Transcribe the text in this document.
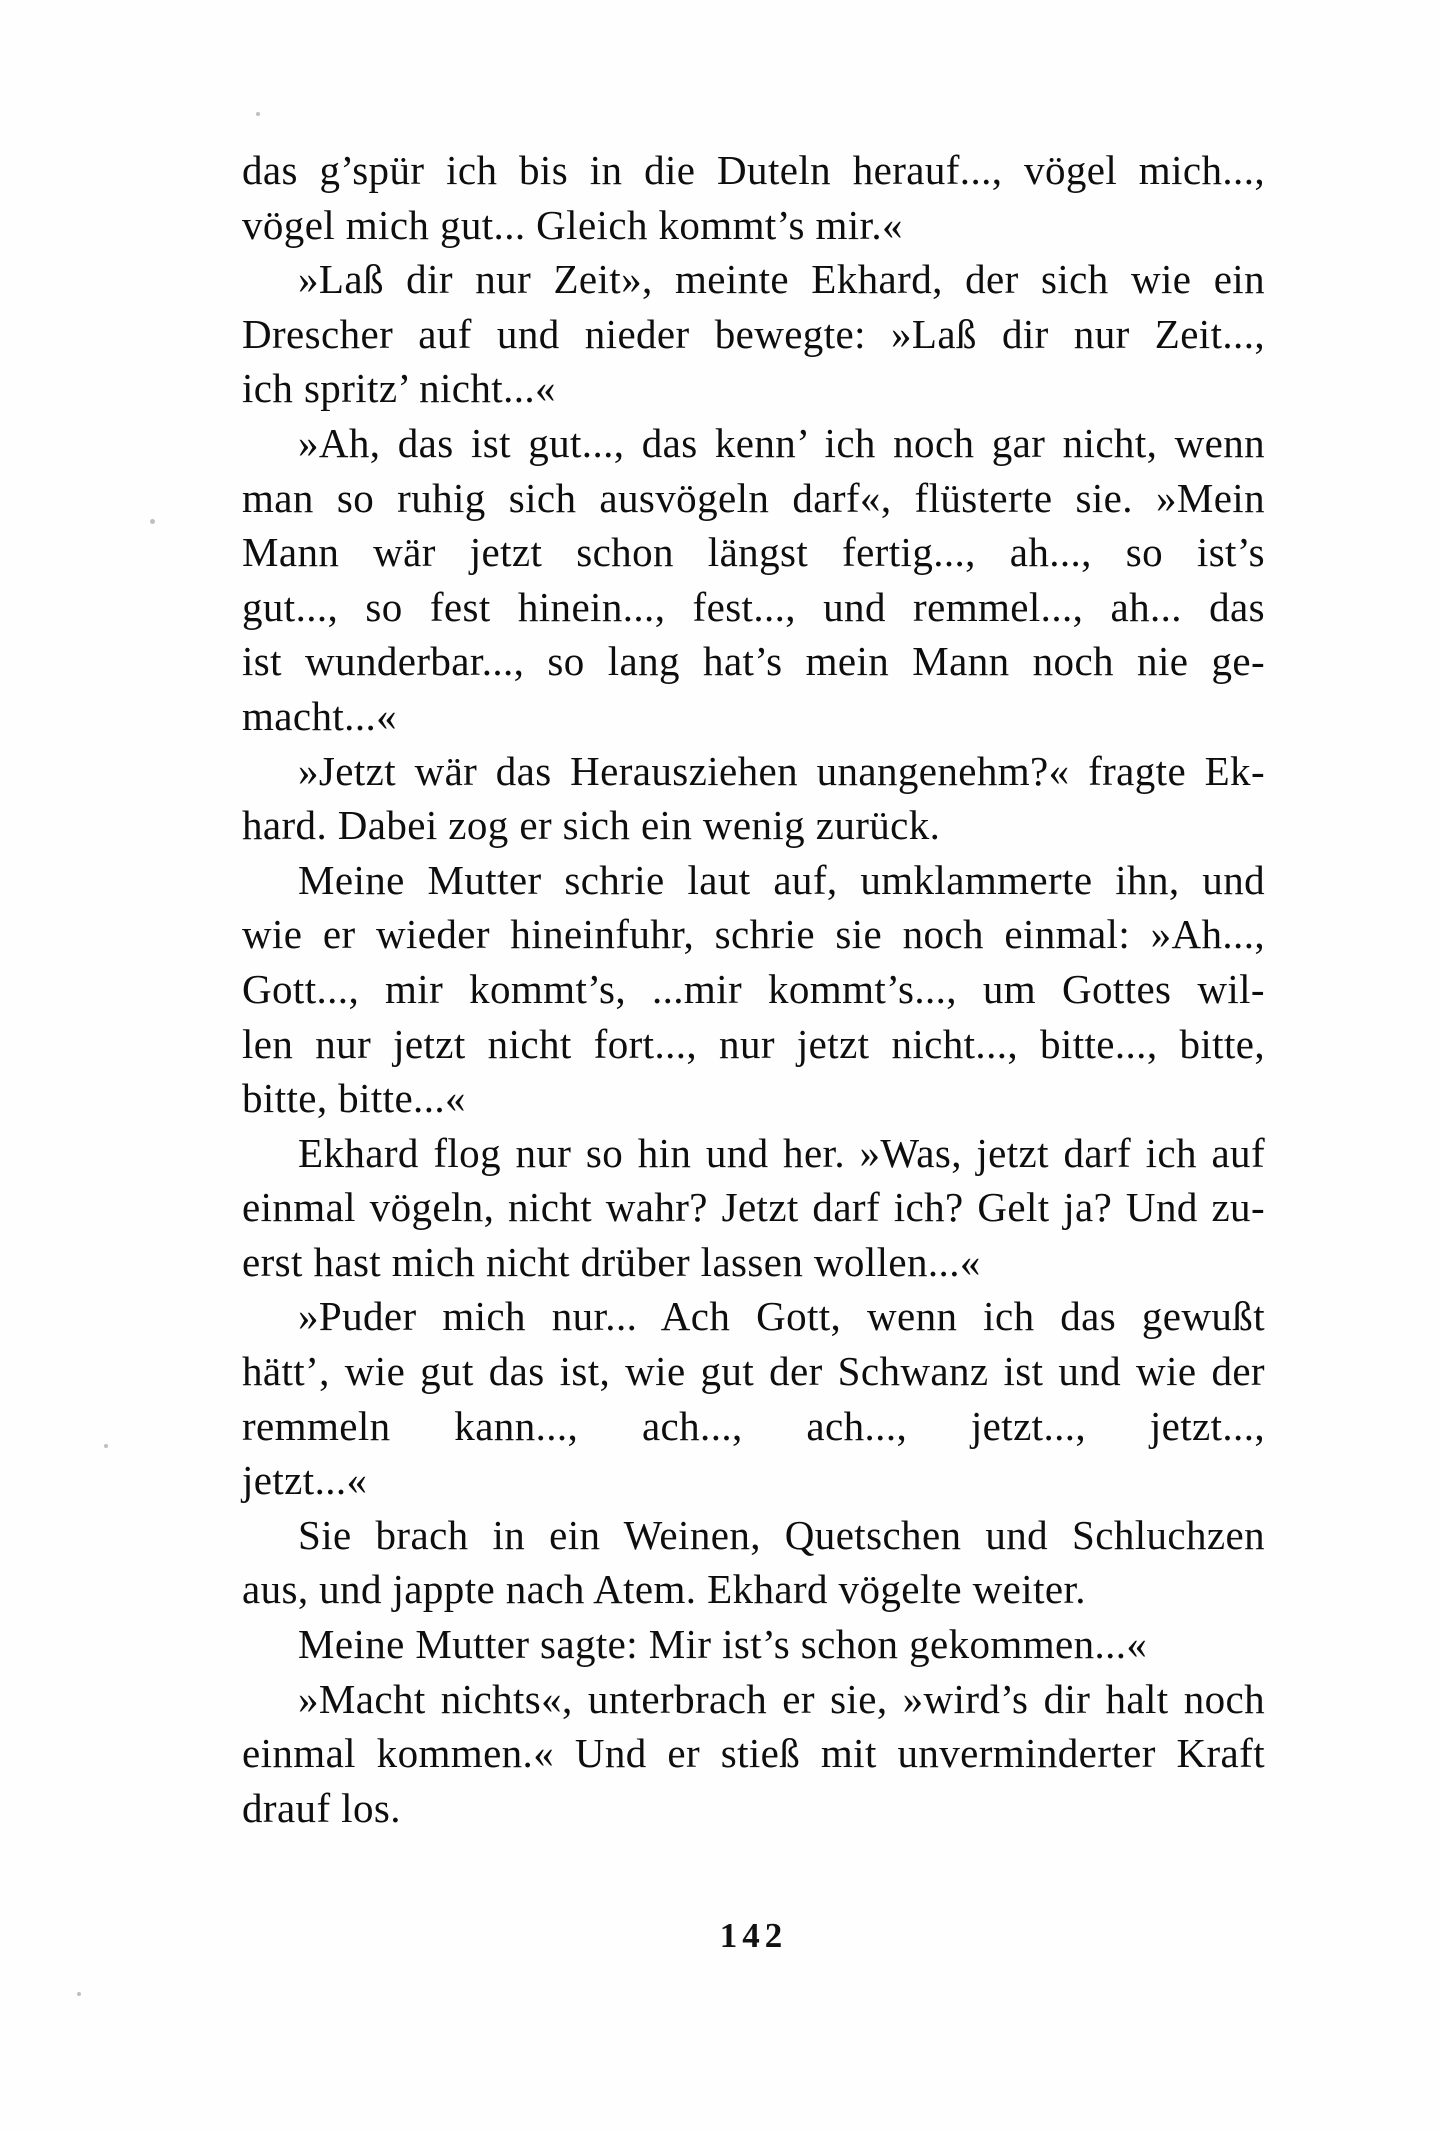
das g’spür ich bis in die Duteln herauf..., vögel mich...,
vögel mich gut... Gleich kommt’s mir.«
»Laß dir nur Zeit», meinte Ekhard, der sich wie ein
Drescher auf und nieder bewegte: »Laß dir nur Zeit...,
ich spritz’ nicht...«
»Ah, das ist gut..., das kenn’ ich noch gar nicht, wenn
man so ruhig sich ausvögeln darf«, flüsterte sie. »Mein
Mann wär jetzt schon längst fertig..., ah..., so ist’s
gut..., so fest hinein..., fest..., und remmel..., ah... das
ist wunderbar..., so lang hat’s mein Mann noch nie ge-
macht...«
»Jetzt wär das Herausziehen unangenehm?« fragte Ek-
hard. Dabei zog er sich ein wenig zurück.
Meine Mutter schrie laut auf, umklammerte ihn, und
wie er wieder hineinfuhr, schrie sie noch einmal: »Ah...,
Gott..., mir kommt’s, ...mir kommt’s..., um Gottes wil-
len nur jetzt nicht fort..., nur jetzt nicht..., bitte..., bitte,
bitte, bitte...«
Ekhard flog nur so hin und her. »Was, jetzt darf ich auf
einmal vögeln, nicht wahr? Jetzt darf ich? Gelt ja? Und zu-
erst hast mich nicht drüber lassen wollen...«
»Puder mich nur... Ach Gott, wenn ich das gewußt
hätt’, wie gut das ist, wie gut der Schwanz ist und wie der
remmeln kann..., ach..., ach..., jetzt..., jetzt...,
jetzt...«
Sie brach in ein Weinen, Quetschen und Schluchzen
aus, und jappte nach Atem. Ekhard vögelte weiter.
Meine Mutter sagte: Mir ist’s schon gekommen...«
»Macht nichts«, unterbrach er sie, »wird’s dir halt noch
einmal kommen.« Und er stieß mit unverminderter Kraft
drauf los.
142
